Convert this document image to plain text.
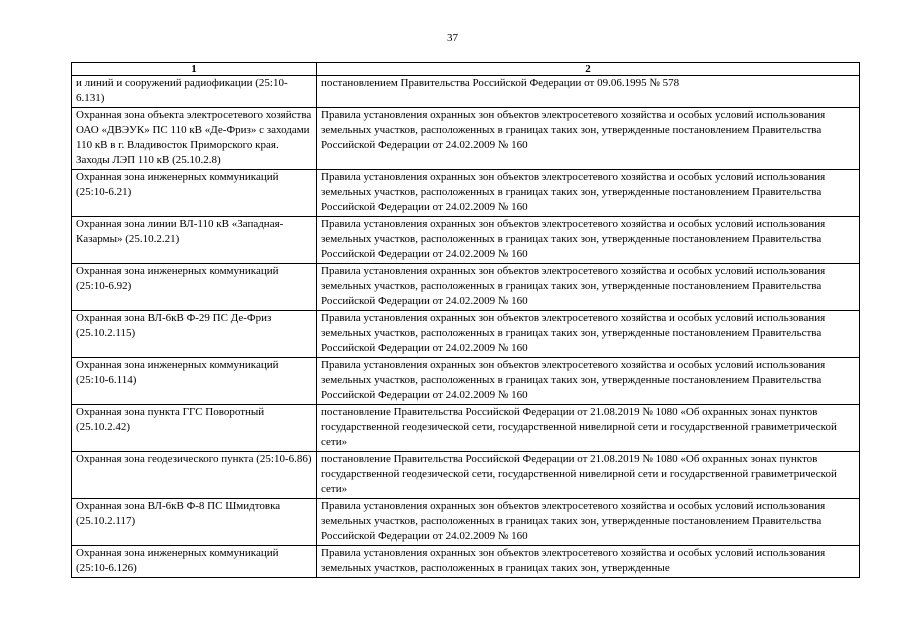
37
1	2
и линий и сооружений радиофикации (25:10-6.131)	постановлением Правительства Российской Федерации от 09.06.1995 № 578
Охранная зона объекта электросетевого хозяйства ОАО «ДВЭУК» ПС 110 кВ «Де-Фриз» с заходами 110 кВ в г. Владивосток Приморского края. Заходы ЛЭП 110 кВ (25.10.2.8)	Правила установления охранных зон объектов электросетевого хозяйства и особых условий использования земельных участков, расположенных в границах таких зон, утвержденные постановлением Правительства Российской Федерации от 24.02.2009 № 160
Охранная зона инженерных коммуникаций (25:10-6.21)	Правила установления охранных зон объектов электросетевого хозяйства и особых условий использования земельных участков, расположенных в границах таких зон, утвержденные постановлением Правительства Российской Федерации от 24.02.2009 № 160
Охранная зона линии ВЛ-110 кВ «Западная-Казармы» (25.10.2.21)	Правила установления охранных зон объектов электросетевого хозяйства и особых условий использования земельных участков, расположенных в границах таких зон, утвержденные постановлением Правительства Российской Федерации от 24.02.2009 № 160
Охранная зона инженерных коммуникаций (25:10-6.92)	Правила установления охранных зон объектов электросетевого хозяйства и особых условий использования земельных участков, расположенных в границах таких зон, утвержденные постановлением Правительства Российской Федерации от 24.02.2009 № 160
Охранная зона ВЛ-6кВ Ф-29 ПС Де-Фриз (25.10.2.115)	Правила установления охранных зон объектов электросетевого хозяйства и особых условий использования земельных участков, расположенных в границах таких зон, утвержденные постановлением Правительства Российской Федерации от 24.02.2009 № 160
Охранная зона инженерных коммуникаций (25:10-6.114)	Правила установления охранных зон объектов электросетевого хозяйства и особых условий использования земельных участков, расположенных в границах таких зон, утвержденные постановлением Правительства Российской Федерации от 24.02.2009 № 160
Охранная зона пункта ГГС Поворотный (25.10.2.42)	постановление Правительства Российской Федерации от 21.08.2019 № 1080 «Об охранных зонах пунктов государственной геодезической сети, государственной нивелирной сети и государственной гравиметрической сети»
Охранная зона геодезического пункта (25:10-6.86)	постановление Правительства Российской Федерации от 21.08.2019 № 1080 «Об охранных зонах пунктов государственной геодезической сети, государственной нивелирной сети и государственной гравиметрической сети»
Охранная зона ВЛ-6кВ Ф-8 ПС Шмидтовка (25.10.2.117)	Правила установления охранных зон объектов электросетевого хозяйства и особых условий использования земельных участков, расположенных в границах таких зон, утвержденные постановлением Правительства Российской Федерации от 24.02.2009 № 160
Охранная зона инженерных коммуникаций (25:10-6.126)	Правила установления охранных зон объектов электросетевого хозяйства и особых условий использования земельных участков, расположенных в границах таких зон, утвержденные
